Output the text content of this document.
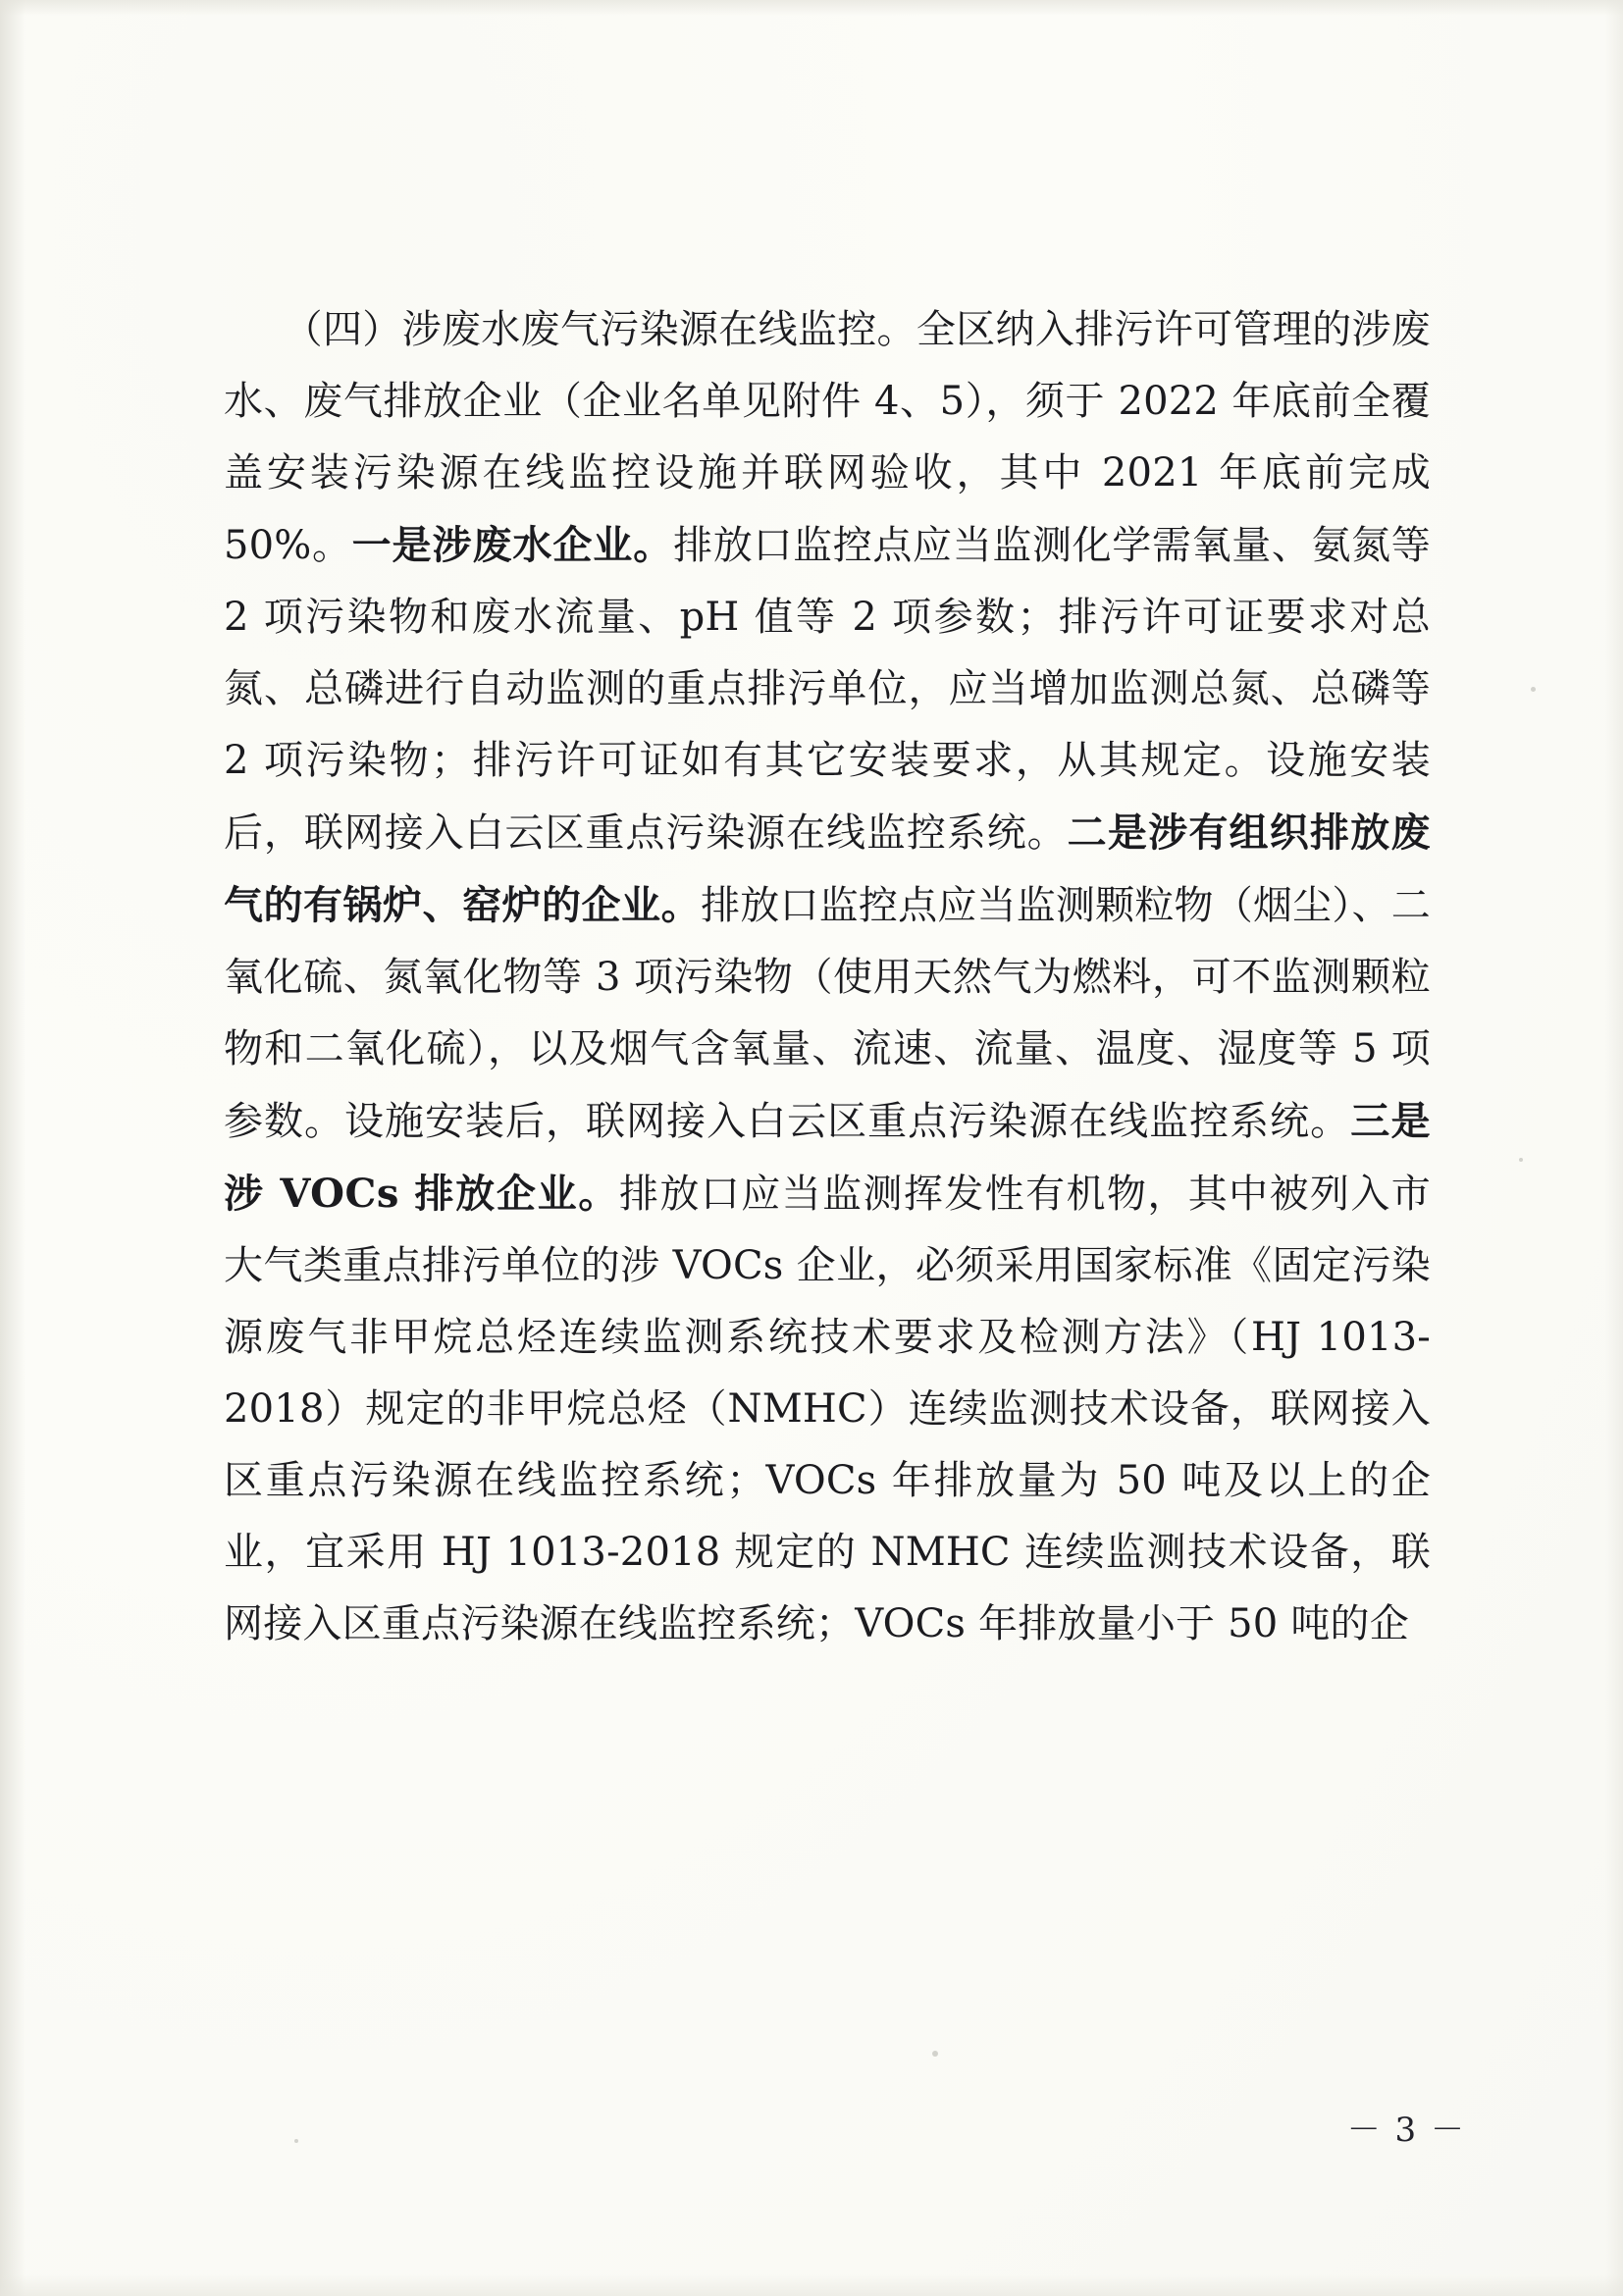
　　（四）涉废水废气污染源在线监控。全区纳入排污许可管理的涉废水、废气排放企业（企业名单见附件 4、5），须于 2022 年底前全覆盖安装污染源在线监控设施并联网验收，其中 2021 年底前完成 50%。一是涉废水企业。排放口监控点应当监测化学需氧量、氨氮等 2 项污染物和废水流量、pH 值等 2 项参数；排污许可证要求对总氮、总磷进行自动监测的重点排污单位，应当增加监测总氮、总磷等 2 项污染物；排污许可证如有其它安装要求，从其规定。设施安装后，联网接入白云区重点污染源在线监控系统。二是涉有组织排放废气的有锅炉、窑炉的企业。排放口监控点应当监测颗粒物（烟尘）、二氧化硫、氮氧化物等 3 项污染物（使用天然气为燃料，可不监测颗粒物和二氧化硫），以及烟气含氧量、流速、流量、温度、湿度等 5 项参数。设施安装后，联网接入白云区重点污染源在线监控系统。三是涉 VOCs 排放企业。排放口应当监测挥发性有机物，其中被列入市大气类重点排污单位的涉 VOCs 企业，必须采用国家标准《固定污染源废气非甲烷总烃连续监测系统技术要求及检测方法》（HJ 1013-2018）规定的非甲烷总烃（NMHC）连续监测技术设备，联网接入区重点污染源在线监控系统；VOCs 年排放量为 50 吨及以上的企业，宜采用 HJ 1013-2018 规定的 NMHC 连续监测技术设备，联网接入区重点污染源在线监控系统；VOCs 年排放量小于 50 吨的企

－ 3 －
